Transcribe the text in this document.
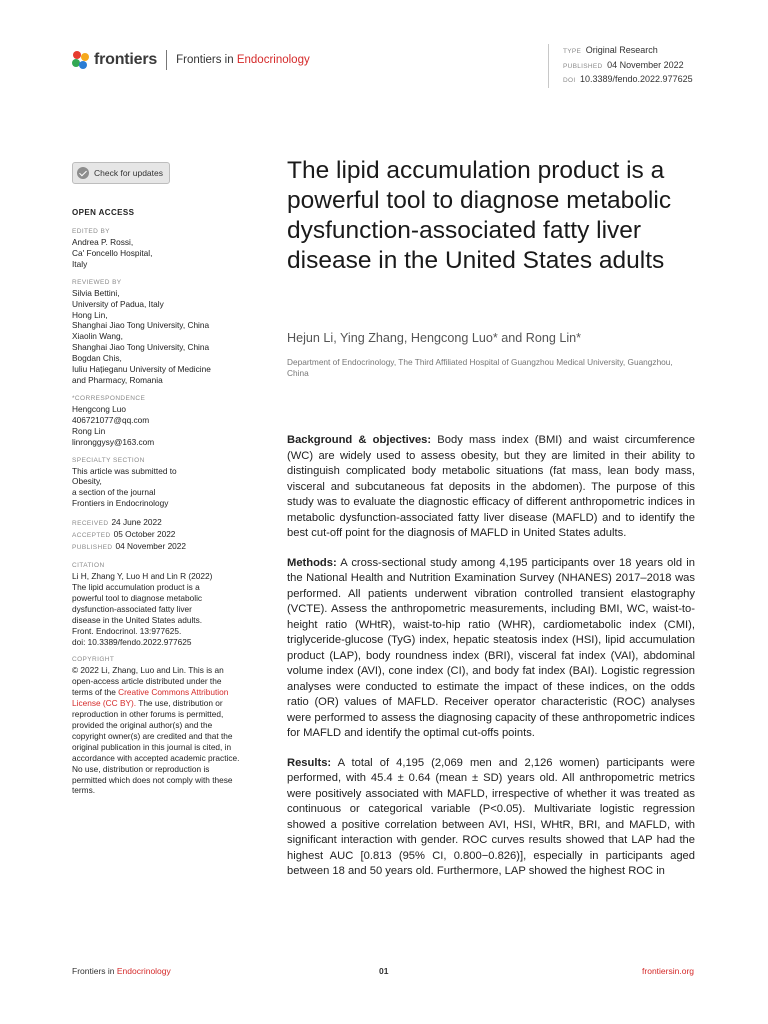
frontiers Frontiers in Endocrinology
TYPE Original Research
PUBLISHED 04 November 2022
DOI 10.3389/fendo.2022.977625
Check for updates
OPEN ACCESS
EDITED BY
Andrea P. Rossi,
Ca' Foncello Hospital,
Italy
REVIEWED BY
Silvia Bettini,
University of Padua, Italy
Hong Lin,
Shanghai Jiao Tong University, China
Xiaolin Wang,
Shanghai Jiao Tong University, China
Bogdan Chis,
Iuliu Hațieganu University of Medicine
and Pharmacy, Romania
*CORRESPONDENCE
Hengcong Luo
406721077@qq.com
Rong Lin
linronggysy@163.com
SPECIALTY SECTION
This article was submitted to
Obesity,
a section of the journal
Frontiers in Endocrinology
RECEIVED 24 June 2022
ACCEPTED 05 October 2022
PUBLISHED 04 November 2022
CITATION
Li H, Zhang Y, Luo H and Lin R (2022)
The lipid accumulation product is a
powerful tool to diagnose metabolic
dysfunction-associated fatty liver
disease in the United States adults.
Front. Endocrinol. 13:977625.
doi: 10.3389/fendo.2022.977625
COPYRIGHT
© 2022 Li, Zhang, Luo and Lin. This is an open-access article distributed under the terms of the Creative Commons Attribution License (CC BY). The use, distribution or reproduction in other forums is permitted, provided the original author(s) and the copyright owner(s) are credited and that the original publication in this journal is cited, in accordance with accepted academic practice. No use, distribution or reproduction is permitted which does not comply with these terms.
The lipid accumulation product is a powerful tool to diagnose metabolic dysfunction-associated fatty liver disease in the United States adults
Hejun Li, Ying Zhang, Hengcong Luo* and Rong Lin*
Department of Endocrinology, The Third Affiliated Hospital of Guangzhou Medical University, Guangzhou, China

Background & objectives: Body mass index (BMI) and waist circumference (WC) are widely used to assess obesity, but they are limited in their ability to distinguish complicated body metabolic situations (fat mass, lean body mass, visceral and subcutaneous fat deposits in the abdomen). The purpose of this study was to evaluate the diagnostic efficacy of different anthropometric indices in metabolic dysfunction-associated fatty liver disease (MAFLD) and to identify the best cut-off point for the diagnosis of MAFLD in United States adults.

Methods: A cross-sectional study among 4,195 participants over 18 years old in the National Health and Nutrition Examination Survey (NHANES) 2017–2018 was performed. All patients underwent vibration controlled transient elastography (VCTE). Assess the anthropometric measurements, including BMI, WC, waist-to-height ratio (WHtR), waist-to-hip ratio (WHR), cardiometabolic index (CMI), triglyceride-glucose (TyG) index, hepatic steatosis index (HSI), lipid accumulation product (LAP), body roundness index (BRI), visceral fat index (VAI), abdominal volume index (AVI), cone index (CI), and body fat index (BAI). Logistic regression analyses were conducted to estimate the impact of these indices, on the odds ratio (OR) values of MAFLD. Receiver operator characteristic (ROC) analyses were performed to assess the diagnosing capacity of these anthropometric indices for MAFLD and identify the optimal cut-offs points.

Results: A total of 4,195 (2,069 men and 2,126 women) participants were performed, with 45.4 ± 0.64 (mean ± SD) years old. All anthropometric metrics were positively associated with MAFLD, irrespective of whether it was treated as continuous or categorical variable (P<0.05). Multivariate logistic regression showed a positive correlation between AVI, HSI, WHtR, BRI, and MAFLD, with significant interaction with gender. ROC curves results showed that LAP had the highest AUC [0.813 (95% CI, 0.800−0.826)], especially in participants aged between 18 and 50 years old. Furthermore, LAP showed the highest ROC in

Frontiers in Endocrinology	01	frontiersin.org
